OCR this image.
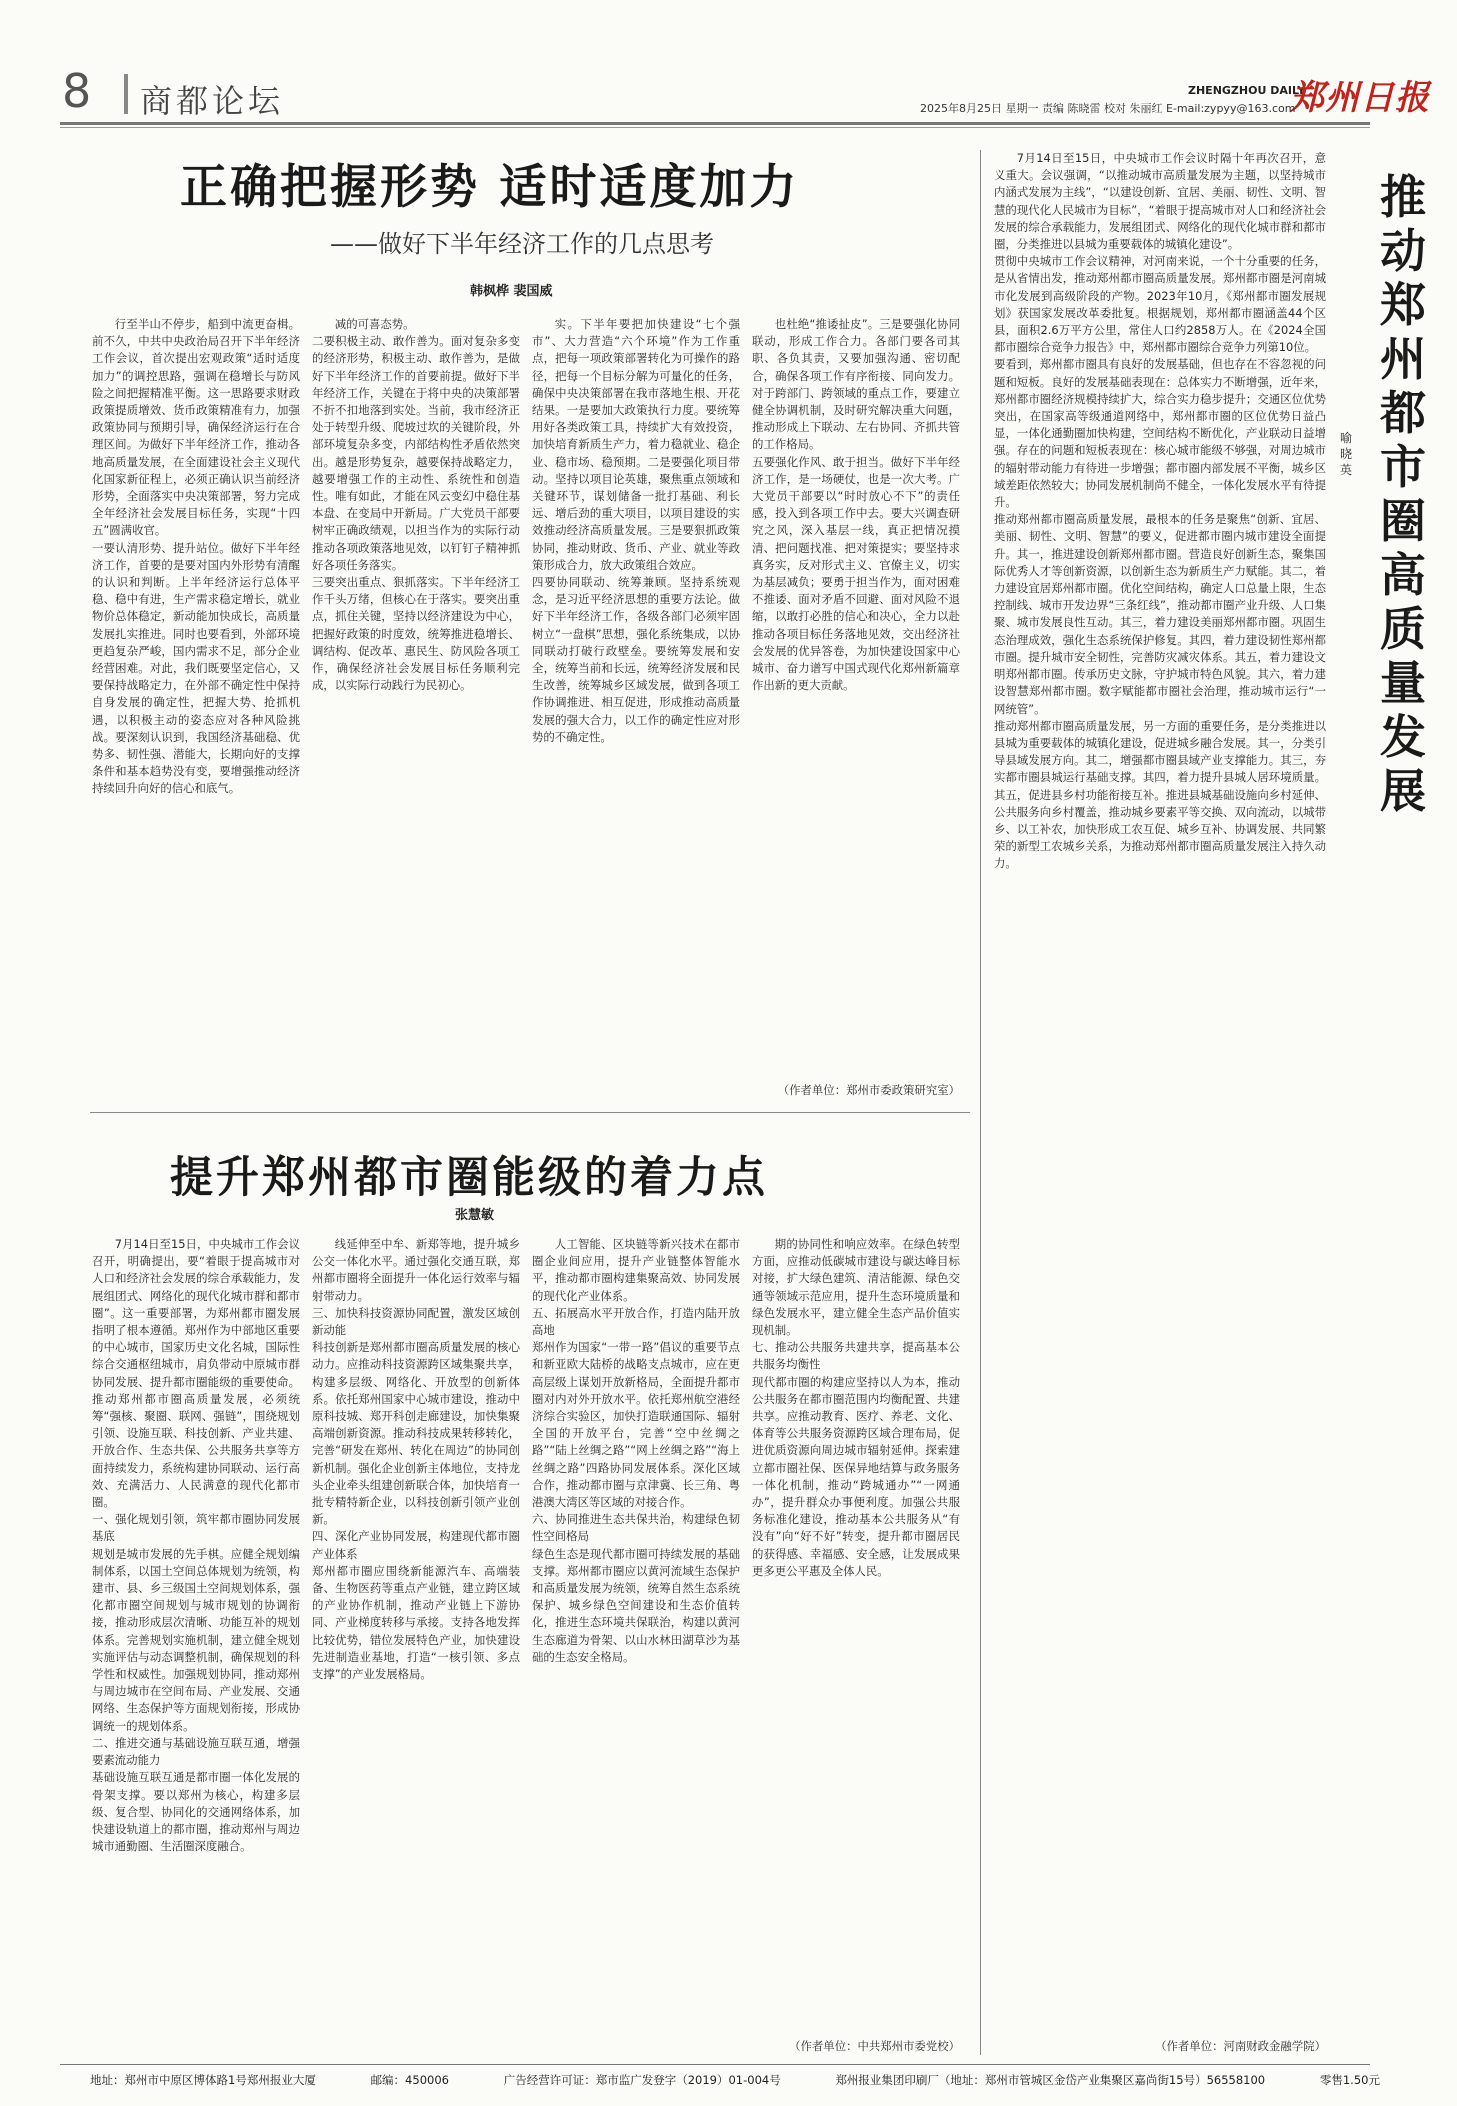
8 商都论坛	ZHENGZHOU DAILY
郑州日报
2025年8月25日 星期一 责编 陈晓雷 校对 朱丽红 E-mail:zypyy@163.com
正确把握形势 适时适度加力
——做好下半年经济工作的几点思考
韩枫桦 裴国威

行至半山不停步，船到中流更奋楫。前不久，中共中央政治局召开下半年经济工作会议，首次提出宏观政策“适时适度加力”的调控思路，强调在稳增长与防风险之间把握精准平衡。这一思路要求财政政策提质增效、货币政策精准有力，加强政策协同与预期引导，确保经济运行在合理区间。为做好下半年经济工作，推动各地高质量发展，在全面建设社会主义现代化国家新征程上，必须正确认识当前经济形势，全面落实中央决策部署，努力完成全年经济社会发展目标任务，实现“十四五”圆满收官。
一要认清形势、提升站位。做好下半年经济工作，首要的是要对国内外形势有清醒的认识和判断。上半年经济运行总体平稳、稳中有进，生产需求稳定增长，就业物价总体稳定，新动能加快成长，高质量发展扎实推进。同时也要看到，外部环境更趋复杂严峻，国内需求不足，部分企业经营困难。对此，我们既要坚定信心，又要保持战略定力，在外部不确定性中保持自身发展的确定性，把握大势、抢抓机遇，以积极主动的姿态应对各种风险挑战。要深刻认识到，我国经济基础稳、优势多、韧性强、潜能大，长期向好的支撑条件和基本趋势没有变，要增强推动经济持续回升向好的信心和底气。

减的可喜态势。
二要积极主动、敢作善为。面对复杂多变的经济形势，积极主动、敢作善为，是做好下半年经济工作的首要前提。做好下半年经济工作，关键在于将中央的决策部署不折不扣地落到实处。当前，我市经济正处于转型升级、爬坡过坎的关键阶段，外部环境复杂多变，内部结构性矛盾依然突出。越是形势复杂，越要保持战略定力，越要增强工作的主动性、系统性和创造性。唯有如此，才能在风云变幻中稳住基本盘、在变局中开新局。广大党员干部要树牢正确政绩观，以担当作为的实际行动推动各项政策落地见效，以钉钉子精神抓好各项任务落实。
三要突出重点、狠抓落实。下半年经济工作千头万绪，但核心在于落实。要突出重点，抓住关键，坚持以经济建设为中心，把握好政策的时度效，统筹推进稳增长、调结构、促改革、惠民生、防风险各项工作，确保经济社会发展目标任务顺利完成，以实际行动践行为民初心。

实。下半年要把加快建设“七个强市”、大力营造“六个环境”作为工作重点，把每一项政策部署转化为可操作的路径，把每一个目标分解为可量化的任务，确保中央决策部署在我市落地生根、开花结果。一是要加大政策执行力度。要统筹用好各类政策工具，持续扩大有效投资，加快培育新质生产力，着力稳就业、稳企业、稳市场、稳预期。二是要强化项目带动。坚持以项目论英雄，聚焦重点领域和关键环节，谋划储备一批打基础、利长远、增后劲的重大项目，以项目建设的实效推动经济高质量发展。三是要狠抓政策协同，推动财政、货币、产业、就业等政策形成合力，放大政策组合效应。
四要协同联动、统筹兼顾。坚持系统观念，是习近平经济思想的重要方法论。做好下半年经济工作，各级各部门必须牢固树立“一盘棋”思想，强化系统集成，以协同联动打破行政壁垒。要统筹发展和安全，统筹当前和长远，统筹经济发展和民生改善，统筹城乡区域发展，做到各项工作协调推进、相互促进，形成推动高质量发展的强大合力，以工作的确定性应对形势的不确定性。

也杜绝“推诿扯皮”。三是要强化协同联动，形成工作合力。各部门要各司其职、各负其责，又要加强沟通、密切配合，确保各项工作有序衔接、同向发力。对于跨部门、跨领域的重点工作，要建立健全协调机制，及时研究解决重大问题，推动形成上下联动、左右协同、齐抓共管的工作格局。
五要强化作风、敢于担当。做好下半年经济工作，是一场硬仗，也是一次大考。广大党员干部要以“时时放心不下”的责任感，投入到各项工作中去。要大兴调查研究之风，深入基层一线，真正把情况摸清、把问题找准、把对策提实；要坚持求真务实，反对形式主义、官僚主义，切实为基层减负；要勇于担当作为，面对困难不推诿、面对矛盾不回避、面对风险不退缩，以敢打必胜的信心和决心，全力以赴推动各项目标任务落地见效，交出经济社会发展的优异答卷，为加快建设国家中心城市、奋力谱写中国式现代化郑州新篇章作出新的更大贡献。

（作者单位：郑州市委政策研究室）

提升郑州都市圈能级的着力点
张慧敏

7月14日至15日，中央城市工作会议召开，明确提出，要“着眼于提高城市对人口和经济社会发展的综合承载能力，发展组团式、网络化的现代化城市群和都市圈”。这一重要部署，为郑州都市圈发展指明了根本遵循。郑州作为中部地区重要的中心城市，国家历史文化名城，国际性综合交通枢纽城市，肩负带动中原城市群协同发展、提升都市圈能级的重要使命。推动郑州都市圈高质量发展，必须统筹“强核、聚圈、联网、强链”，围绕规划引领、设施互联、科技创新、产业共建、开放合作、生态共保、公共服务共享等方面持续发力，系统构建协同联动、运行高效、充满活力、人民满意的现代化都市圈。
一、强化规划引领，筑牢都市圈协同发展基底
规划是城市发展的先手棋。应健全规划编制体系，以国土空间总体规划为统领，构建市、县、乡三级国土空间规划体系，强化都市圈空间规划与城市规划的协调衔接，推动形成层次清晰、功能互补的规划体系。完善规划实施机制，建立健全规划实施评估与动态调整机制，确保规划的科学性和权威性。加强规划协同，推动郑州与周边城市在空间布局、产业发展、交通网络、生态保护等方面规划衔接，形成协调统一的规划体系。
二、推进交通与基础设施互联互通，增强要素流动能力
基础设施互联互通是都市圈一体化发展的骨架支撑。要以郑州为核心，构建多层级、复合型、协同化的交通网络体系，加快建设轨道上的都市圈，推动郑州与周边城市通勤圈、生活圈深度融合。

线延伸至中牟、新郑等地，提升城乡公交一体化水平。通过强化交通互联，郑州都市圈将全面提升一体化运行效率与辐射带动力。
三、加快科技资源协同配置，激发区域创新动能
科技创新是郑州都市圈高质量发展的核心动力。应推动科技资源跨区域集聚共享，构建多层级、网络化、开放型的创新体系。依托郑州国家中心城市建设，推动中原科技城、郑开科创走廊建设，加快集聚高端创新资源。推动科技成果转移转化，完善“研发在郑州、转化在周边”的协同创新机制。强化企业创新主体地位，支持龙头企业牵头组建创新联合体，加快培育一批专精特新企业，以科技创新引领产业创新。
四、深化产业协同发展，构建现代都市圈产业体系
郑州都市圈应围绕新能源汽车、高端装备、生物医药等重点产业链，建立跨区域的产业协作机制，推动产业链上下游协同、产业梯度转移与承接。支持各地发挥比较优势，错位发展特色产业，加快建设先进制造业基地，打造“一核引领、多点支撑”的产业发展格局。

人工智能、区块链等新兴技术在都市圈企业间应用，提升产业链整体智能水平，推动都市圈构建集聚高效、协同发展的现代化产业体系。
五、拓展高水平开放合作，打造内陆开放高地
郑州作为国家“一带一路”倡议的重要节点和新亚欧大陆桥的战略支点城市，应在更高层级上谋划开放新格局，全面提升都市圈对内对外开放水平。依托郑州航空港经济综合实验区，加快打造联通国际、辐射全国的开放平台，完善“空中丝绸之路”“陆上丝绸之路”“网上丝绸之路”“海上丝绸之路”四路协同发展体系。深化区域合作，推动都市圈与京津冀、长三角、粤港澳大湾区等区域的对接合作。
六、协同推进生态共保共治，构建绿色韧性空间格局
绿色生态是现代都市圈可持续发展的基础支撑。郑州都市圈应以黄河流域生态保护和高质量发展为统领，统筹自然生态系统保护、城乡绿色空间建设和生态价值转化，推进生态环境共保联治，构建以黄河生态廊道为骨架、以山水林田湖草沙为基础的生态安全格局。

期的协同性和响应效率。在绿色转型方面，应推动低碳城市建设与碳达峰目标对接，扩大绿色建筑、清洁能源、绿色交通等领域示范应用，提升生态环境质量和绿色发展水平，建立健全生态产品价值实现机制。
七、推动公共服务共建共享，提高基本公共服务均衡性
现代都市圈的构建应坚持以人为本，推动公共服务在都市圈范围内均衡配置、共建共享。应推动教育、医疗、养老、文化、体育等公共服务资源跨区域合理布局，促进优质资源向周边城市辐射延伸。探索建立都市圈社保、医保异地结算与政务服务一体化机制，推动“跨城通办”“一网通办”，提升群众办事便利度。加强公共服务标准化建设，推动基本公共服务从“有没有”向“好不好”转变，提升都市圈居民的获得感、幸福感、安全感，让发展成果更多更公平惠及全体人民。

（作者单位：中共郑州市委党校）

推动郑州都市圈高质量发展
喻晓英

7月14日至15日，中央城市工作会议时隔十年再次召开，意义重大。会议强调，“以推动城市高质量发展为主题，以坚持城市内涵式发展为主线”，“以建设创新、宜居、美丽、韧性、文明、智慧的现代化人民城市为目标”，“着眼于提高城市对人口和经济社会发展的综合承载能力，发展组团式、网络化的现代化城市群和都市圈，分类推进以县城为重要载体的城镇化建设”。
贯彻中央城市工作会议精神，对河南来说，一个十分重要的任务，是从省情出发，推动郑州都市圈高质量发展。郑州都市圈是河南城市化发展到高级阶段的产物。2023年10月，《郑州都市圈发展规划》获国家发展改革委批复。根据规划，郑州都市圈涵盖44个区县，面积2.6万平方公里，常住人口约2858万人。在《2024全国都市圈综合竞争力报告》中，郑州都市圈综合竞争力列第10位。
要看到，郑州都市圈具有良好的发展基础，但也存在不容忽视的问题和短板。良好的发展基础表现在：总体实力不断增强，近年来，郑州都市圈经济规模持续扩大，综合实力稳步提升；交通区位优势突出，在国家高等级通道网络中，郑州都市圈的区位优势日益凸显，一体化通勤圈加快构建，空间结构不断优化，产业联动日益增强。存在的问题和短板表现在：核心城市能级不够强，对周边城市的辐射带动能力有待进一步增强；都市圈内部发展不平衡，城乡区域差距依然较大；协同发展机制尚不健全，一体化发展水平有待提升。
推动郑州都市圈高质量发展，最根本的任务是聚焦“创新、宜居、美丽、韧性、文明、智慧”的要义，促进都市圈内城市建设全面提升。其一，推进建设创新郑州都市圈。营造良好创新生态，聚集国际优秀人才等创新资源，以创新生态为新质生产力赋能。其二，着力建设宜居郑州都市圈。优化空间结构，确定人口总量上限，生态控制线、城市开发边界“三条红线”，推动都市圈产业升级、人口集聚、城市发展良性互动。其三，着力建设美丽郑州都市圈。巩固生态治理成效，强化生态系统保护修复。其四，着力建设韧性郑州都市圈。提升城市安全韧性，完善防灾减灾体系。其五，着力建设文明郑州都市圈。传承历史文脉，守护城市特色风貌。其六，着力建设智慧郑州都市圈。数字赋能都市圈社会治理，推动城市运行“一网统管”。
推动郑州都市圈高质量发展，另一方面的重要任务，是分类推进以县城为重要载体的城镇化建设，促进城乡融合发展。其一，分类引导县域发展方向。其二，增强都市圈县域产业支撑能力。其三，夯实都市圈县城运行基础支撑。其四，着力提升县城人居环境质量。其五，促进县乡村功能衔接互补。推进县城基础设施向乡村延伸、公共服务向乡村覆盖，推动城乡要素平等交换、双向流动，以城带乡、以工补农，加快形成工农互促、城乡互补、协调发展、共同繁荣的新型工农城乡关系，为推动郑州都市圈高质量发展注入持久动力。

（作者单位：河南财政金融学院）

地址：郑州市中原区博体路1号郑州报业大厦	邮编：450006	广告经营许可证：郑市监广发登字（2019）01-004号	郑州报业集团印刷厂（地址：郑州市管城区金岱产业集聚区嘉尚街15号）56558100	零售1.50元
